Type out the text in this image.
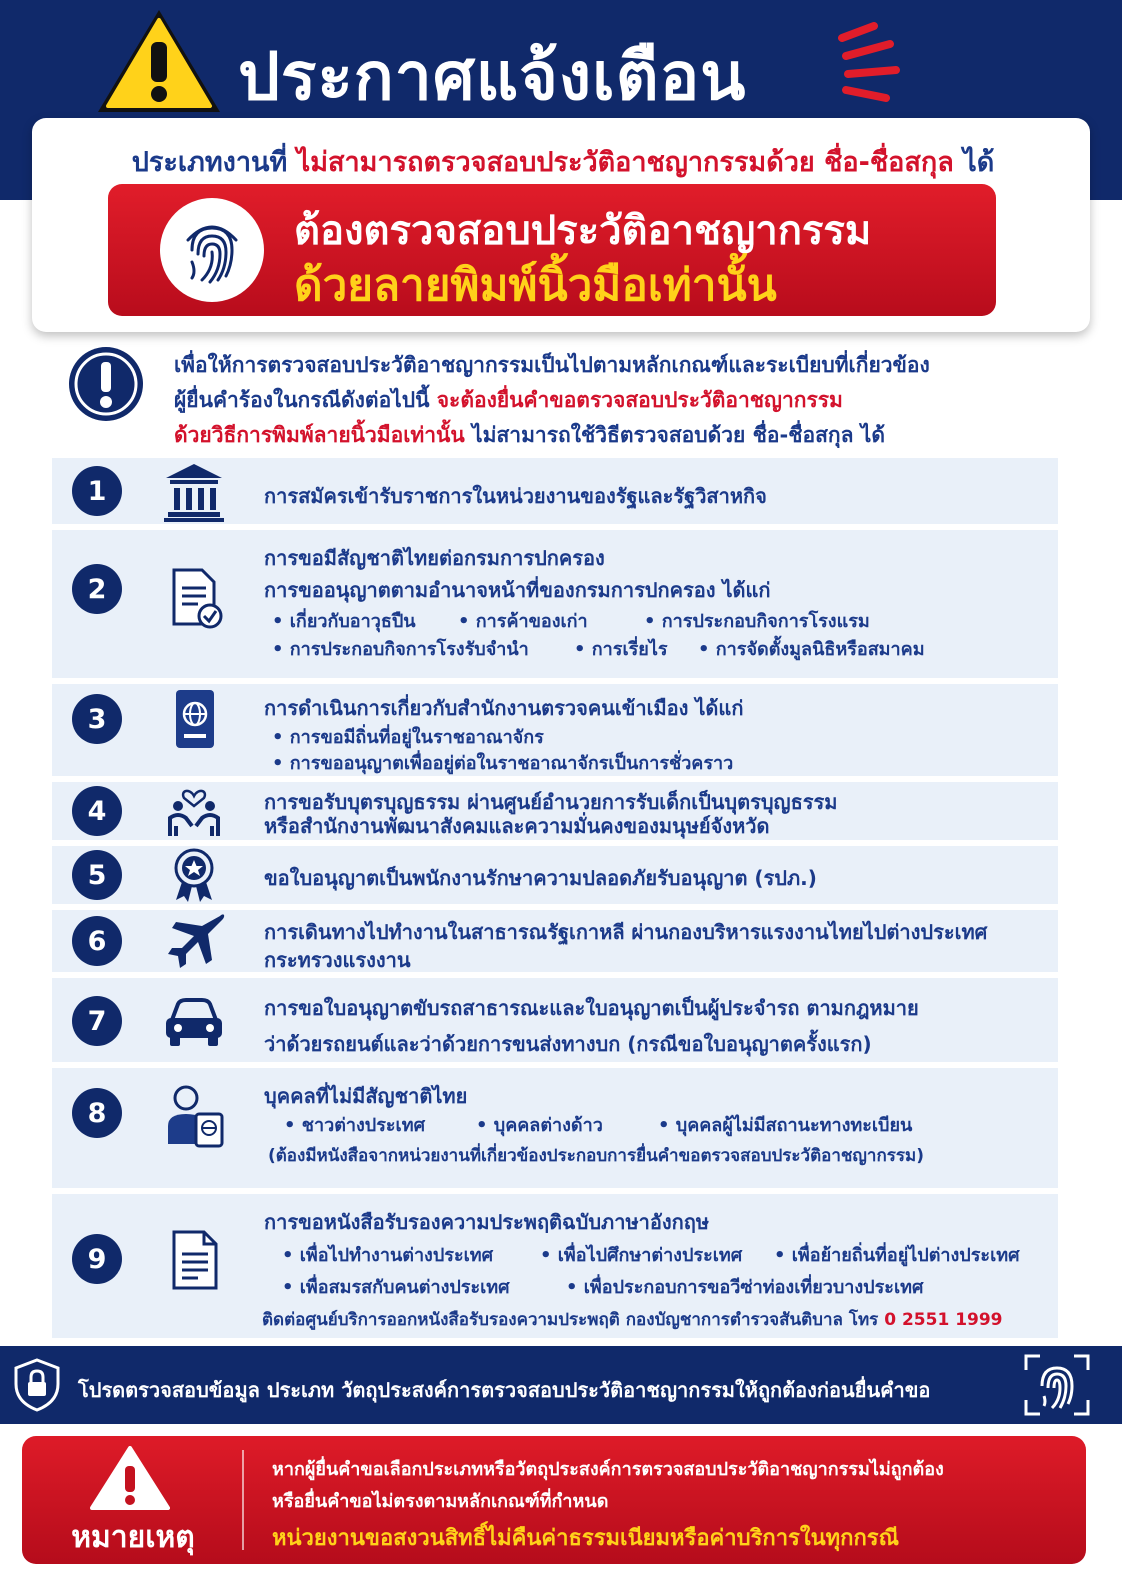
ประกาศแจ้งเตือน
ประเภทงานที่ ไม่สามารถตรวจสอบประวัติอาชญากรรมด้วย ชื่อ-ชื่อสกุล ได้
ต้องตรวจสอบประวัติอาชญากรรม
ด้วยลายพิมพ์นิ้วมือเท่านั้น
เพื่อให้การตรวจสอบประวัติอาชญากรรมเป็นไปตามหลักเกณฑ์และระเบียบที่เกี่ยวข้อง
ผู้ยื่นคำร้องในกรณีดังต่อไปนี้ จะต้องยื่นคำขอตรวจสอบประวัติอาชญากรรม
ด้วยวิธีการพิมพ์ลายนิ้วมือเท่านั้น ไม่สามารถใช้วิธีตรวจสอบด้วย ชื่อ-ชื่อสกุล ได้
1	การสมัครเข้ารับราชการในหน่วยงานของรัฐและรัฐวิสาหกิจ
2
การขอมีสัญชาติไทยต่อกรมการปกครอง
การขออนุญาตตามอำนาจหน้าที่ของกรมการปกครอง ได้แก่
• เกี่ยวกับอาวุธปืน	• การค้าของเก่า	• การประกอบกิจการโรงแรม
• การประกอบกิจการโรงรับจำนำ	• การเรี่ยไร	• การจัดตั้งมูลนิธิหรือสมาคม
3	การดำเนินการเกี่ยวกับสำนักงานตรวจคนเข้าเมือง ได้แก่
• การขอมีถิ่นที่อยู่ในราชอาณาจักร
• การขออนุญาตเพื่ออยู่ต่อในราชอาณาจักรเป็นการชั่วคราว
4	การขอรับบุตรบุญธรรม ผ่านศูนย์อำนวยการรับเด็กเป็นบุตรบุญธรรม
หรือสำนักงานพัฒนาสังคมและความมั่นคงของมนุษย์จังหวัด
5	ขอใบอนุญาตเป็นพนักงานรักษาความปลอดภัยรับอนุญาต (รปภ.)
6	การเดินทางไปทำงานในสาธารณรัฐเกาหลี ผ่านกองบริหารแรงงานไทยไปต่างประเทศ
กระทรวงแรงงาน
7	การขอใบอนุญาตขับรถสาธารณะและใบอนุญาตเป็นผู้ประจำรถ ตามกฎหมาย
ว่าด้วยรถยนต์และว่าด้วยการขนส่งทางบก (กรณีขอใบอนุญาตครั้งแรก)
8
บุคคลที่ไม่มีสัญชาติไทย
• ชาวต่างประเทศ	• บุคคลต่างด้าว	• บุคคลผู้ไม่มีสถานะทางทะเบียน
(ต้องมีหนังสือจากหน่วยงานที่เกี่ยวข้องประกอบการยื่นคำขอตรวจสอบประวัติอาชญากรรม)
9
การขอหนังสือรับรองความประพฤติฉบับภาษาอังกฤษ
• เพื่อไปทำงานต่างประเทศ	• เพื่อไปศึกษาต่างประเทศ	• เพื่อย้ายถิ่นที่อยู่ไปต่างประเทศ
• เพื่อสมรสกับคนต่างประเทศ	• เพื่อประกอบการขอวีซ่าท่องเที่ยวบางประเทศ
ติดต่อศูนย์บริการออกหนังสือรับรองความประพฤติ กองบัญชาการตำรวจสันติบาล โทร 0 2551 1999
โปรดตรวจสอบข้อมูล ประเภท วัตถุประสงค์การตรวจสอบประวัติอาชญากรรมให้ถูกต้องก่อนยื่นคำขอ
หมายเหตุ
หากผู้ยื่นคำขอเลือกประเภทหรือวัตถุประสงค์การตรวจสอบประวัติอาชญากรรมไม่ถูกต้อง
หรือยื่นคำขอไม่ตรงตามหลักเกณฑ์ที่กำหนด
หน่วยงานขอสงวนสิทธิ์ไม่คืนค่าธรรมเนียมหรือค่าบริการในทุกกรณี
